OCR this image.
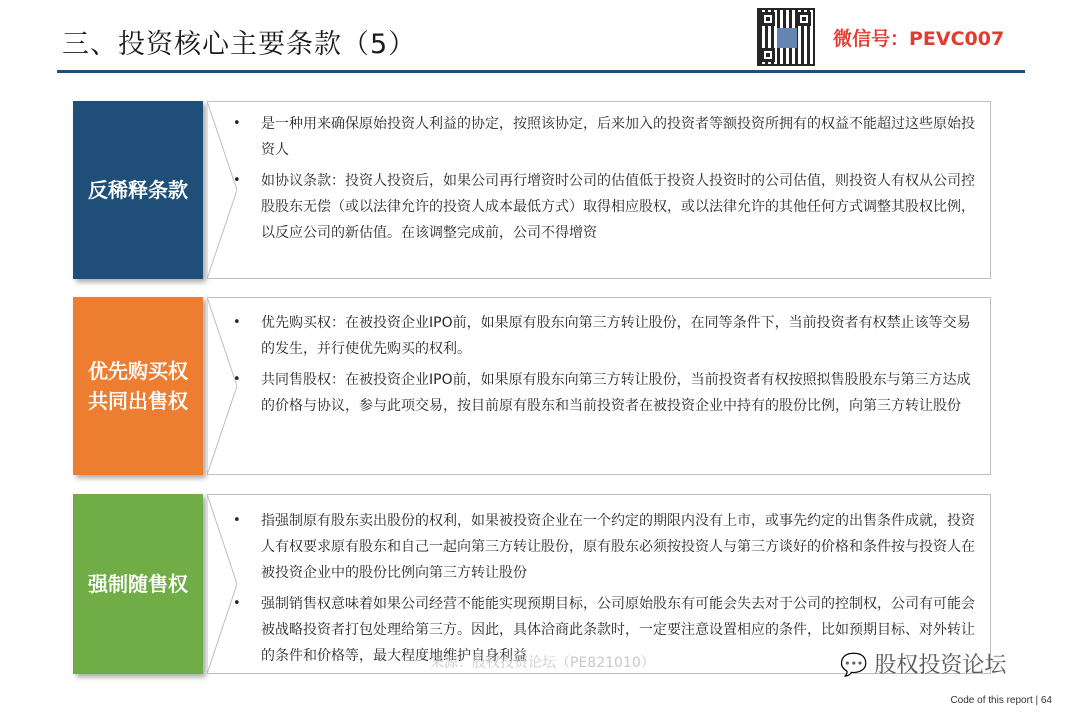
三、投资核心主要条款（5）	微信号：PEVC007
反稀释条款
• 是一种用来确保原始投资人利益的协定，按照该协定，后来加入的投资者等额投资所拥有的权益不能超过这些原始投资人
• 如协议条款：投资人投资后，如果公司再行增资时公司的估值低于投资人投资时的公司估值，则投资人有权从公司控股股东无偿（或以法律允许的投资人成本最低方式）取得相应股权，或以法律允许的其他任何方式调整其股权比例，以反应公司的新估值。在该调整完成前，公司不得增资
优先购买权
共同出售权
• 优先购买权：在被投资企业IPO前，如果原有股东向第三方转让股份，在同等条件下，当前投资者有权禁止该等交易的发生，并行使优先购买的权利。
• 共同售股权：在被投资企业IPO前，如果原有股东向第三方转让股份，当前投资者有权按照拟售股股东与第三方达成的价格与协议，参与此项交易，按目前原有股东和当前投资者在被投资企业中持有的股份比例，向第三方转让股份
强制随售权
• 指强制原有股东卖出股份的权利，如果被投资企业在一个约定的期限内没有上市，或事先约定的出售条件成就，投资人有权要求原有股东和自己一起向第三方转让股份，原有股东必须按投资人与第三方谈好的价格和条件按与投资人在被投资企业中的股份比例向第三方转让股份
• 强制销售权意味着如果公司经营不能能实现预期目标，公司原始股东有可能会失去对于公司的控制权，公司有可能会被战略投资者打包处理给第三方。因此，具体洽商此条款时，一定要注意设置相应的条件，比如预期目标、对外转让的条件和价格等，最大程度地维护自身利益
来源：股权投资论坛（PE821010）	💬 股权投资论坛
Code of this report | 64
